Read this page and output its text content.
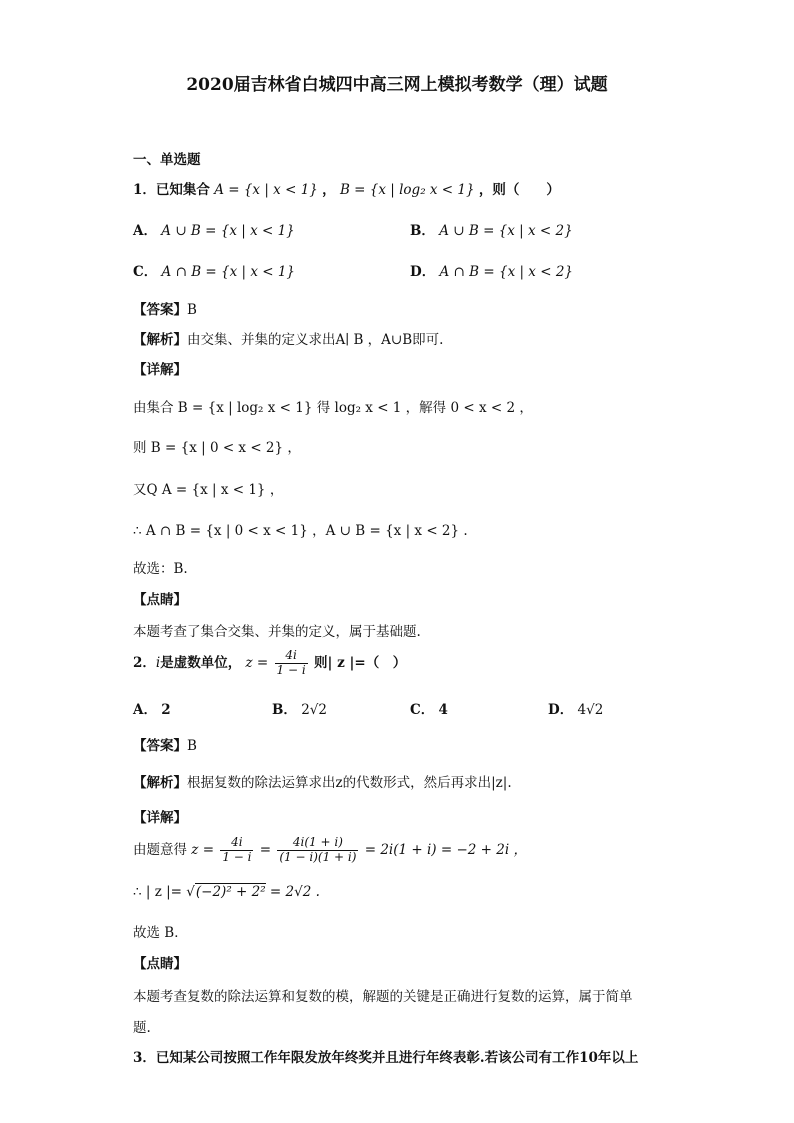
2020届吉林省白城四中高三网上模拟考数学（理）试题
一、单选题
1．已知集合 A = {x | x < 1} ， B = {x | log₂ x < 1} ，则（　　）
A． A ∪ B = {x | x < 1}	B． A ∪ B = {x | x < 2}
C． A ∩ B = {x | x < 1}	D． A ∩ B = {x | x < 2}
【答案】B
【解析】由交集、并集的定义求出A∣ B ，A∪B即可.
【详解】
由集合 B = {x | log₂ x < 1} 得 log₂ x < 1 ，解得 0 < x < 2 ，
则 B = {x | 0 < x < 2} ，
又Q A = {x | x < 1} ，
∴ A ∩ B = {x | 0 < x < 1} ，A ∪ B = {x | x < 2} .
故选：B.
【点睛】
本题考查了集合交集、并集的定义，属于基础题.
2．i是虚数单位， $z = \frac{4i}{1 - i}$ 则| z |=（　）
A． 2	B． 2√2	C． 4	D． 4√2
【答案】B
【解析】根据复数的除法运算求出z的代数形式，然后再求出|z|.
【详解】
由题意得 $z = \frac{4i}{1 - i} = \frac{4i(1 + i)}{(1 - i)(1 + i)} = 2i(1 + i) = -2 + 2i$ ，
∴ | z |= √(−2)² + 2² = 2√2 .
故选 B．
【点睛】
本题考查复数的除法运算和复数的模，解题的关键是正确进行复数的运算，属于简单
题.
3．已知某公司按照工作年限发放年终奖并且进行年终表彰.若该公司有工作10年以上
